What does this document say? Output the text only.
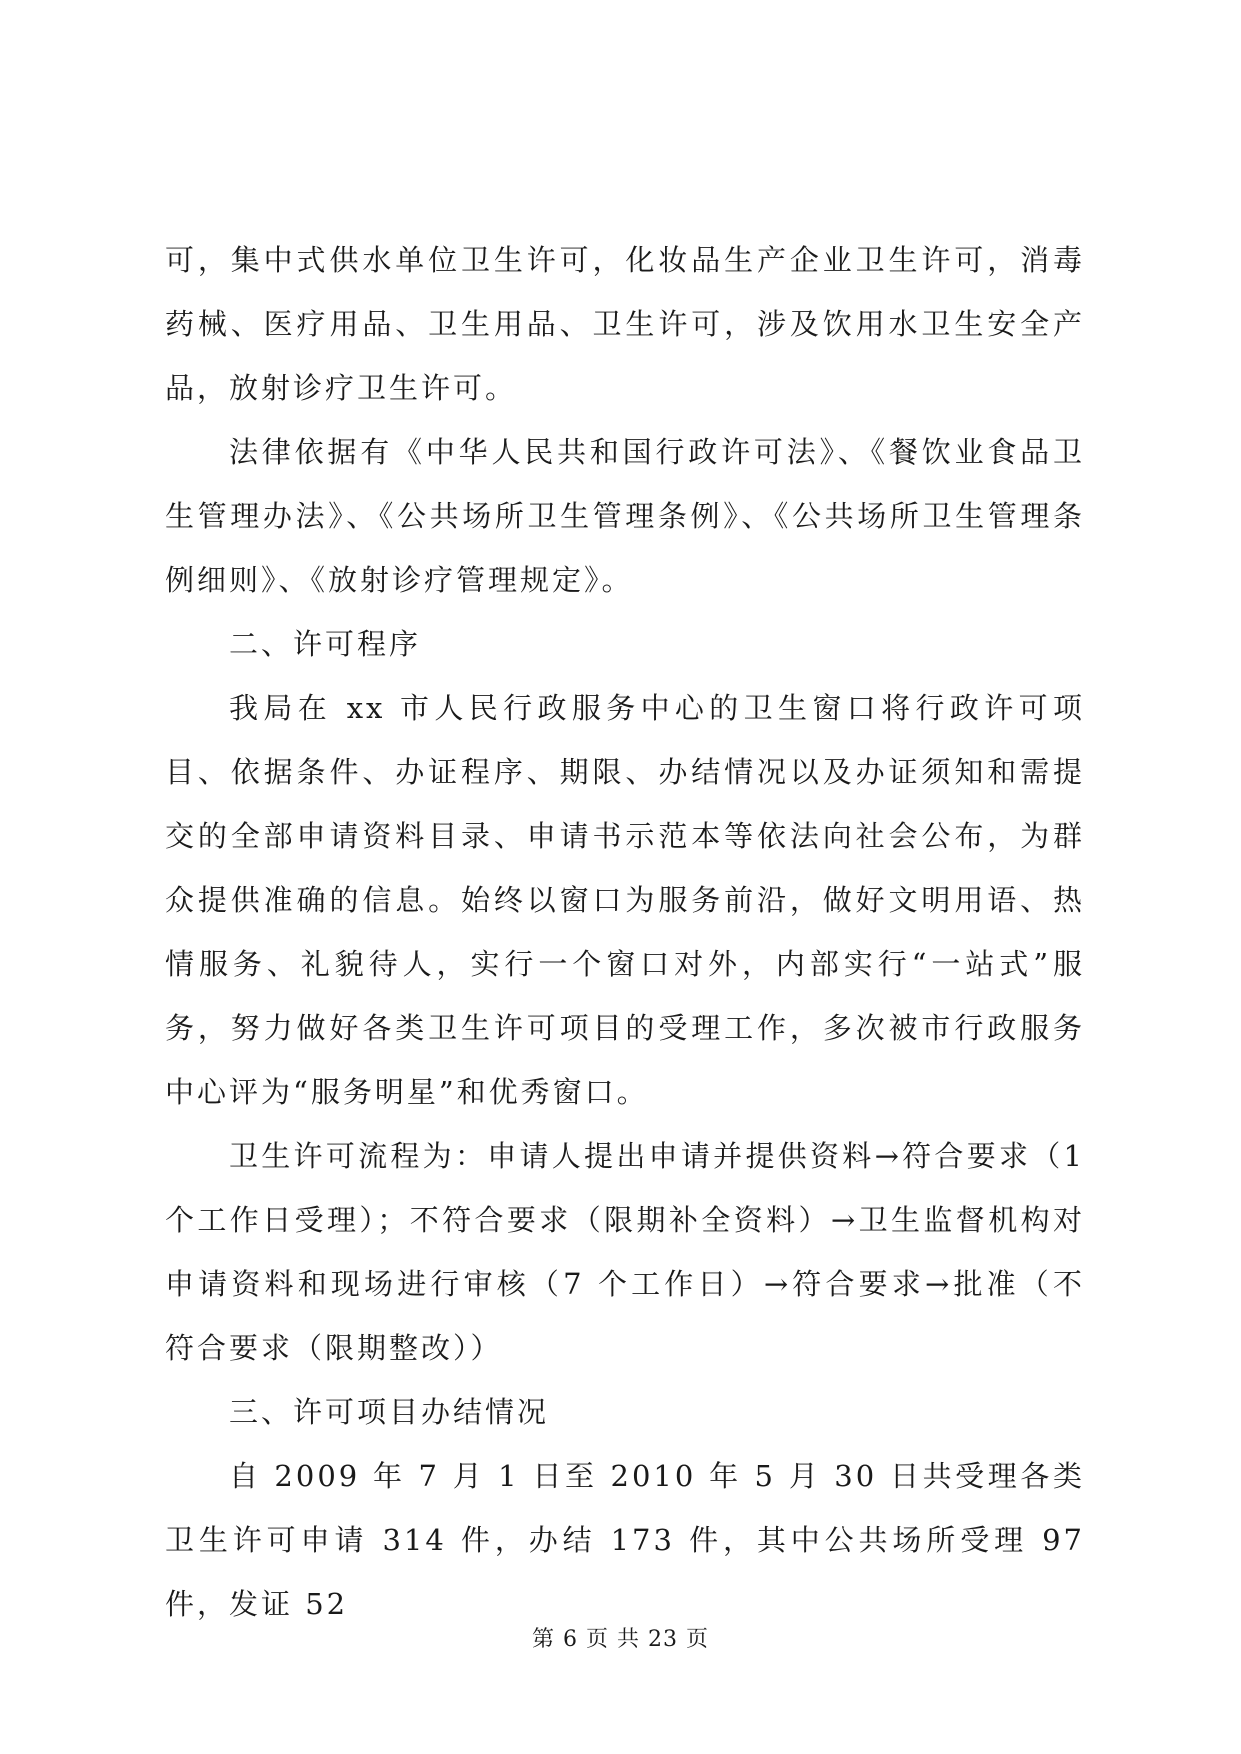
可，集中式供水单位卫生许可，化妆品生产企业卫生许可，消毒药械、医疗用品、卫生用品、卫生许可，涉及饮用水卫生安全产品，放射诊疗卫生许可。

法律依据有《中华人民共和国行政许可法》、《餐饮业食品卫生管理办法》、《公共场所卫生管理条例》、《公共场所卫生管理条例细则》、《放射诊疗管理规定》。

二、许可程序

我局在 xx 市人民行政服务中心的卫生窗口将行政许可项目、依据条件、办证程序、期限、办结情况以及办证须知和需提交的全部申请资料目录、申请书示范本等依法向社会公布，为群众提供准确的信息。始终以窗口为服务前沿，做好文明用语、热情服务、礼貌待人，实行一个窗口对外，内部实行“一站式”服务，努力做好各类卫生许可项目的受理工作，多次被市行政服务中心评为“服务明星”和优秀窗口。

卫生许可流程为：申请人提出申请并提供资料→符合要求（1 个工作日受理）；不符合要求（限期补全资料）→卫生监督机构对申请资料和现场进行审核（7 个工作日）→符合要求→批准（不符合要求（限期整改））

三、许可项目办结情况

自 2009 年 7 月 1 日至 2010 年 5 月 30 日共受理各类卫生许可申请 314 件，办结 173 件，其中公共场所受理 97 件，发证 52

第 6 页 共 23 页
